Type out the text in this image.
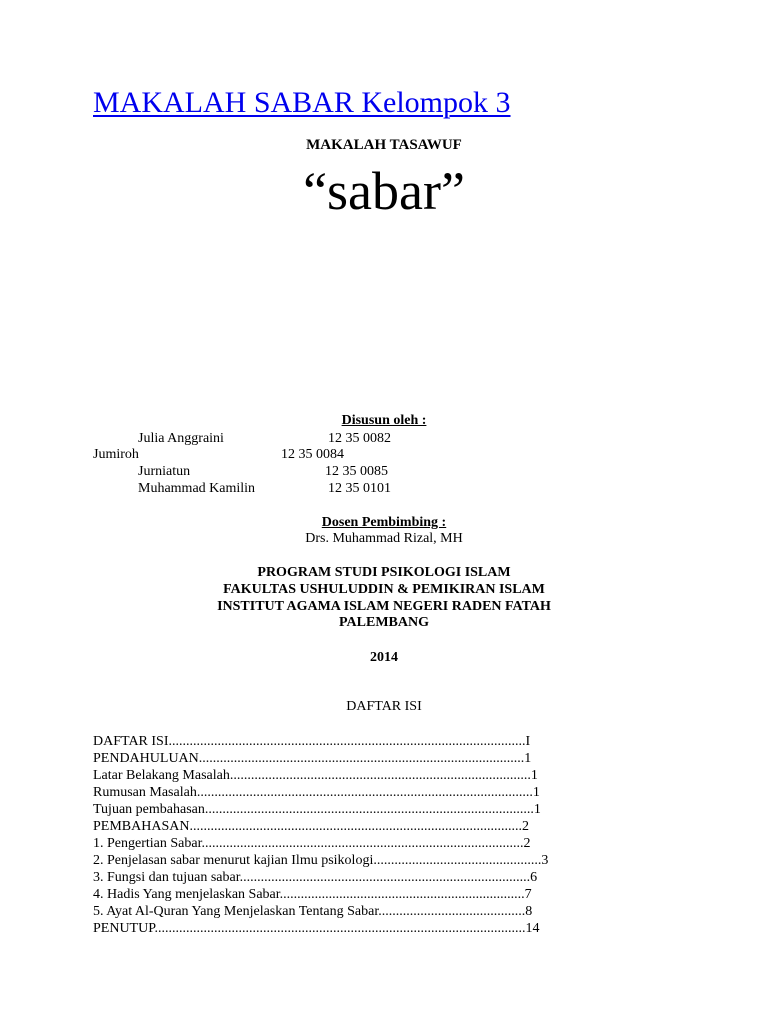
MAKALAH SABAR Kelompok 3
MAKALAH TASAWUF
“sabar”
Disusun oleh :
Julia Anggraini	12 35 0082
Jumiroh	12 35 0084
Jurniatun	12 35 0085
Muhammad Kamilin	12 35 0101
Dosen Pembimbing :
Drs. Muhammad Rizal, MH
PROGRAM STUDI PSIKOLOGI ISLAM
FAKULTAS USHULUDDIN & PEMIKIRAN ISLAM
INSTITUT AGAMA ISLAM NEGERI RADEN FATAH
PALEMBANG
2014
DAFTAR ISI
DAFTAR ISI......................................................................................................I
PENDAHULUAN.............................................................................................1
Latar Belakang Masalah......................................................................................1
Rumusan Masalah................................................................................................1
Tujuan pembahasan..............................................................................................1
PEMBAHASAN...............................................................................................2
1. Pengertian Sabar............................................................................................2
2. Penjelasan sabar menurut kajian Ilmu psikologi................................................3
3. Fungsi dan tujuan sabar...................................................................................6
4. Hadis Yang menjelaskan Sabar......................................................................7
5. Ayat Al-Quran Yang Menjelaskan Tentang Sabar..........................................8
PENUTUP..........................................................................................................14
